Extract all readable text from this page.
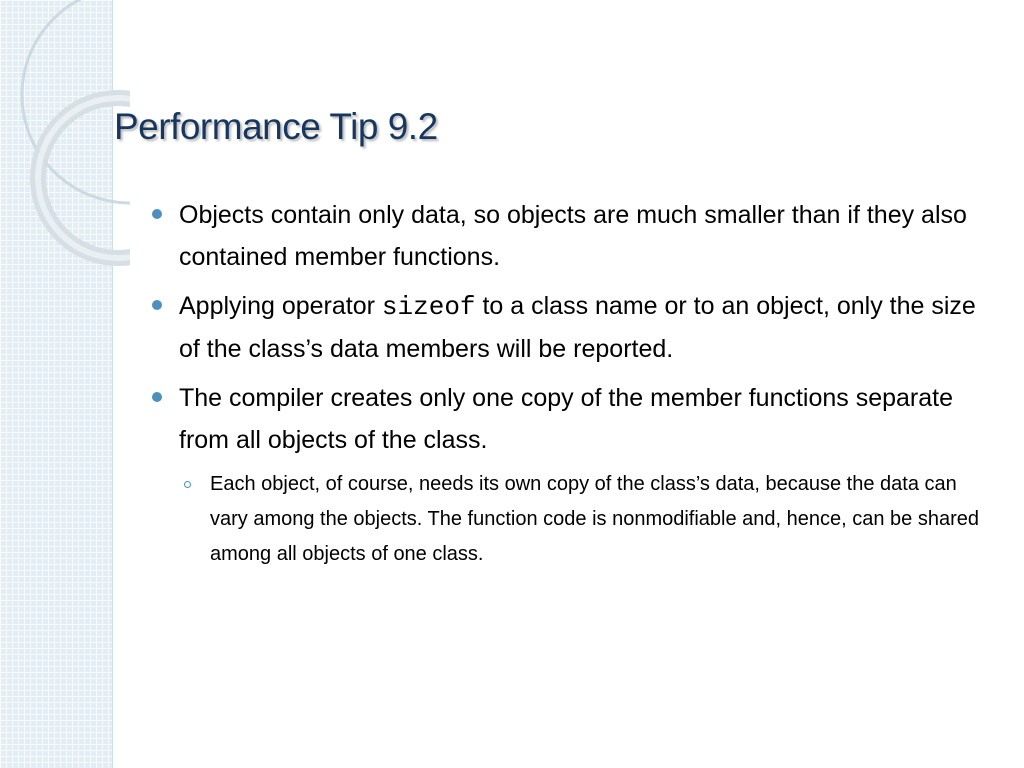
Performance Tip 9.2
Objects contain only data, so objects are much smaller than if they also contained member functions.
Applying operator sizeof to a class name or to an object, only the size of the class’s data members will be reported.
The compiler creates only one copy of the member functions separate from all objects of the class.
Each object, of course, needs its own copy of the class’s data, because the data can vary among the objects. The function code is nonmodifiable and, hence, can be shared among all objects of one class.
